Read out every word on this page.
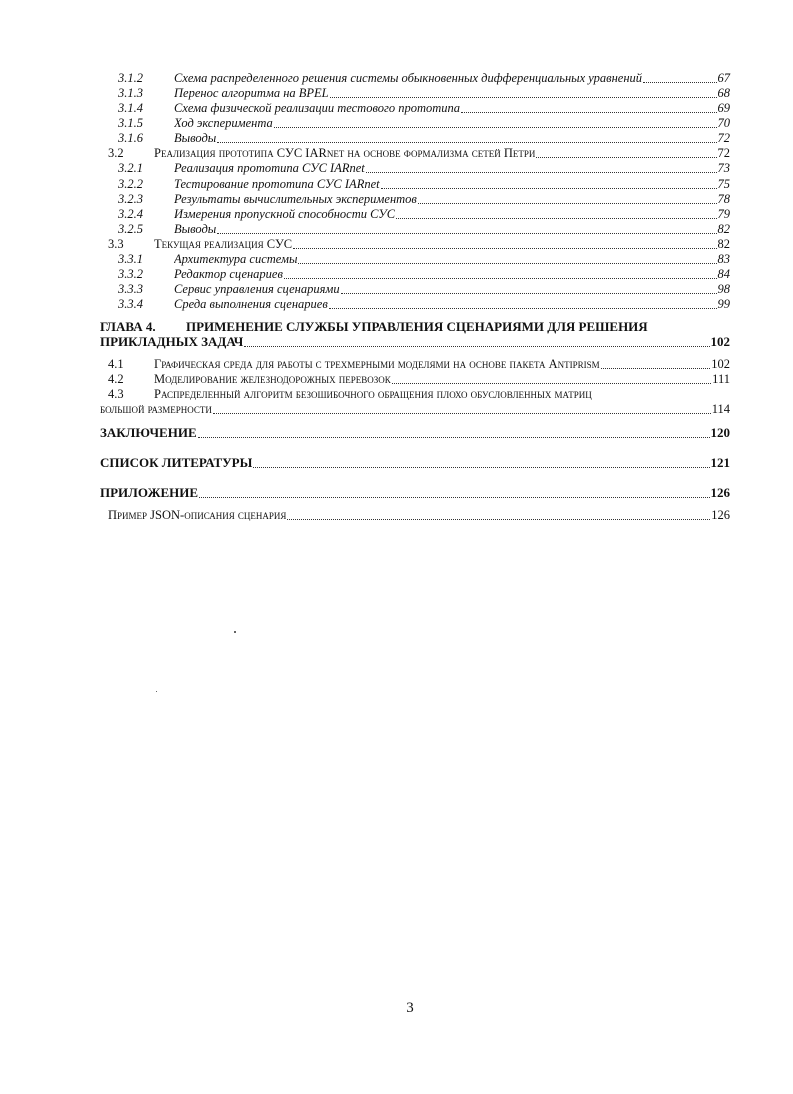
3.1.2	Схема распределенного решения системы обыкновенных дифференциальных уравнений	67
3.1.3	Перенос алгоритма на BPEL	68
3.1.4	Схема физической реализации тестового прототипа	69
3.1.5	Ход эксперимента	70
3.1.6	Выводы	72
3.2	Реализация прототипа СУС IARnet на основе формализма сетей Петри	72
3.2.1	Реализация прототипа СУС IARnet	73
3.2.2	Тестирование прототипа СУС IARnet	75
3.2.3	Результаты вычислительных экспериментов	78
3.2.4	Измерения пропускной способности СУС	79
3.2.5	Выводы	82
3.3	Текущая реализация СУС	82
3.3.1	Архитектура системы	83
3.3.2	Редактор сценариев	84
3.3.3	Сервис управления сценариями	98
3.3.4	Среда выполнения сценариев	99
ГЛАВА 4. ПРИМЕНЕНИЕ СЛУЖБЫ УПРАВЛЕНИЯ СЦЕНАРИЯМИ ДЛЯ РЕШЕНИЯ
ПРИКЛАДНЫХ ЗАДАЧ	102
4.1	Графическая среда для работы с трехмерными моделями на основе пакета Antiprism	102
4.2	Моделирование железнодорожных перевозок	111
4.3 Распределенный алгоритм безошибочного обращения плохо обусловленных матриц
большой размерности	114
ЗАКЛЮЧЕНИЕ	120
СПИСОК ЛИТЕРАТУРЫ	121
ПРИЛОЖЕНИЕ	126
Пример JSON-описания сценария	126
3
